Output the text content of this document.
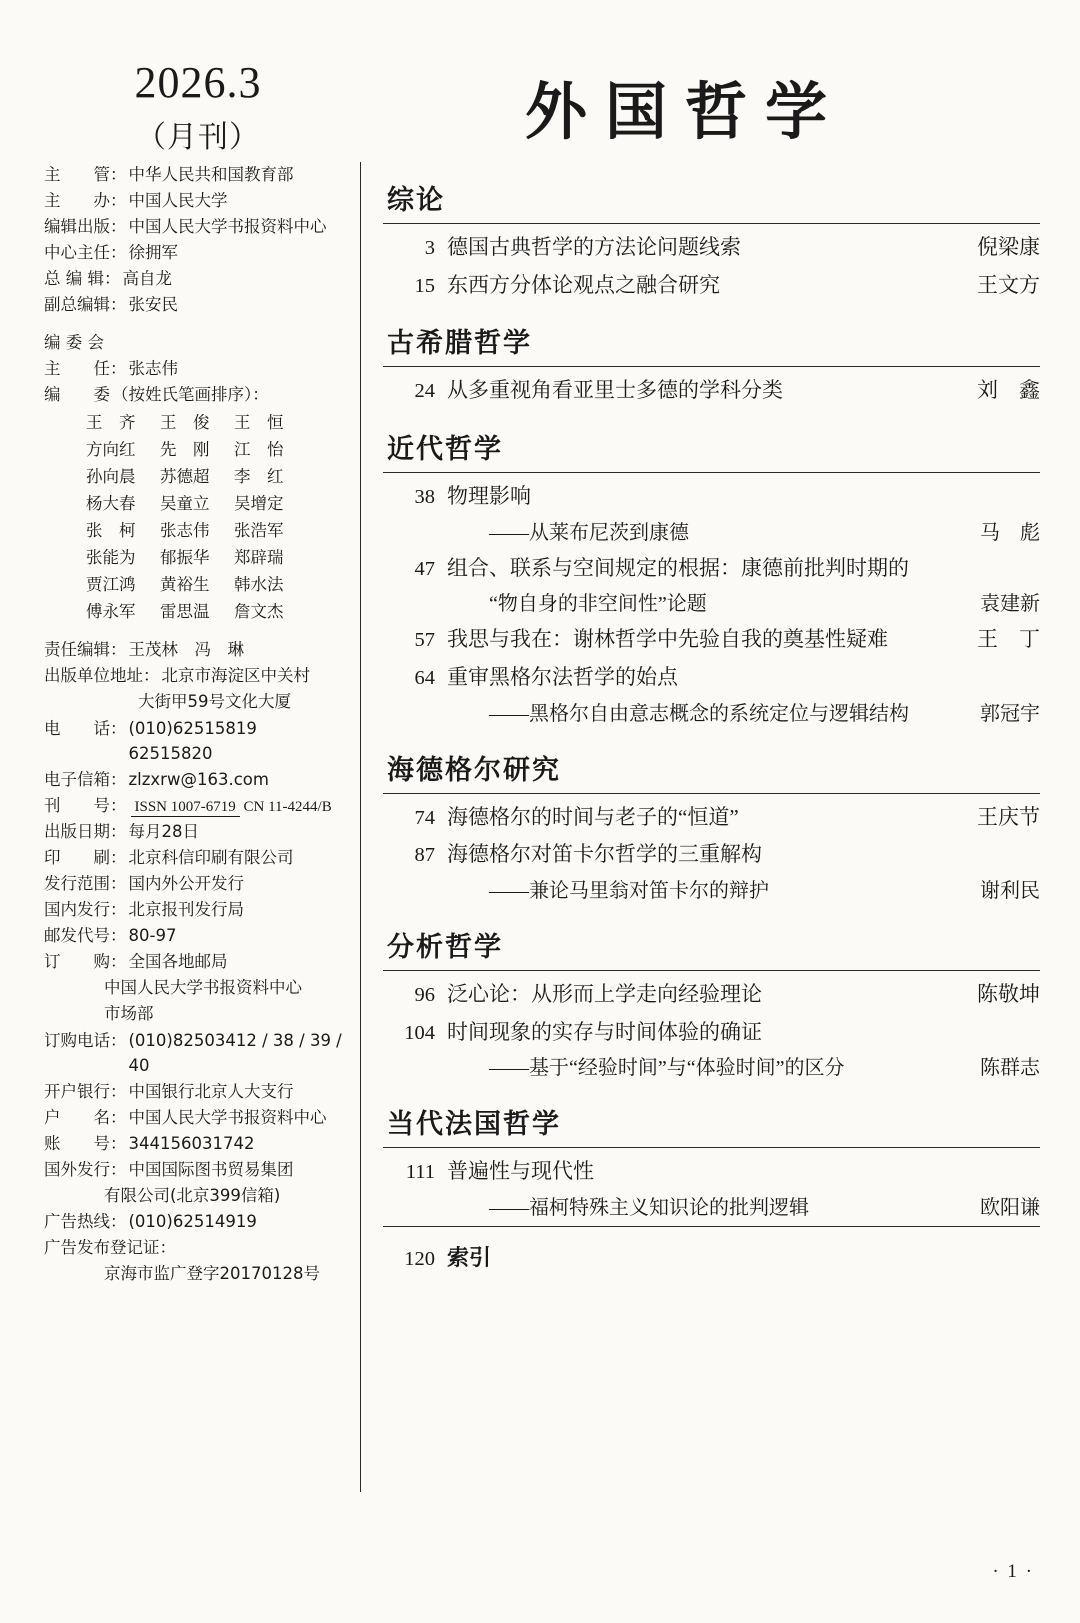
2026.3
（月刊）	外国哲学
主　　管： 中华人民共和国教育部
主　　办： 中国人民大学
编辑出版： 中国人民大学书报资料中心
中心主任： 徐拥军
总 编 辑： 高自龙
副总编辑： 张安民
编 委 会
主　　任： 张志伟
编　　委 （按姓氏笔画排序）：
王　齐	王　俊	王　恒
方向红	先　刚	江　怡
孙向晨	苏德超	李　红
杨大春	吴童立	吴增定
张　柯	张志伟	张浩军
张能为	郁振华	郑辟瑞
贾江鸿	黄裕生	韩水法
傅永军	雷思温	詹文杰
责任编辑： 王茂林　冯　琳
出版单位地址： 北京市海淀区中关村
大街甲59号文化大厦
电　　话： (010)62515819　62515820
电子信箱： zlzxrw@163.com
刊　　号： ISSN 1007-6719 CN 11-4244/B
出版日期： 每月28日
印　　刷： 北京科信印刷有限公司
发行范围： 国内外公开发行
国内发行： 北京报刊发行局
邮发代号： 80-97
订　　购： 全国各地邮局
中国人民大学书报资料中心
市场部
订购电话： (010)82503412 / 38 / 39 / 40
开户银行： 中国银行北京人大支行
户　　名： 中国人民大学书报资料中心
账　　号： 344156031742
国外发行： 中国国际图书贸易集团
有限公司(北京399信箱)
广告热线： (010)62514919
广告发布登记证：
京海市监广登字20170128号
综论
3 德国古典哲学的方法论问题线索	倪梁康
15 东西方分体论观点之融合研究	王文方
古希腊哲学
24 从多重视角看亚里士多德的学科分类	刘　鑫
近代哲学
38 物理影响
——从莱布尼茨到康德	马　彪
47 组合、联系与空间规定的根据：康德前批判时期的
“物自身的非空间性”论题	袁建新
57 我思与我在：谢林哲学中先验自我的奠基性疑难	王　丁
64 重审黑格尔法哲学的始点
——黑格尔自由意志概念的系统定位与逻辑结构	郭冠宇
海德格尔研究
74 海德格尔的时间与老子的“恒道”	王庆节
87 海德格尔对笛卡尔哲学的三重解构
——兼论马里翁对笛卡尔的辩护	谢利民
分析哲学
96 泛心论：从形而上学走向经验理论	陈敬坤
104 时间现象的实存与时间体验的确证
——基于“经验时间”与“体验时间”的区分	陈群志
当代法国哲学
111 普遍性与现代性
——福柯特殊主义知识论的批判逻辑	欧阳谦
120 索引
· 1 ·
